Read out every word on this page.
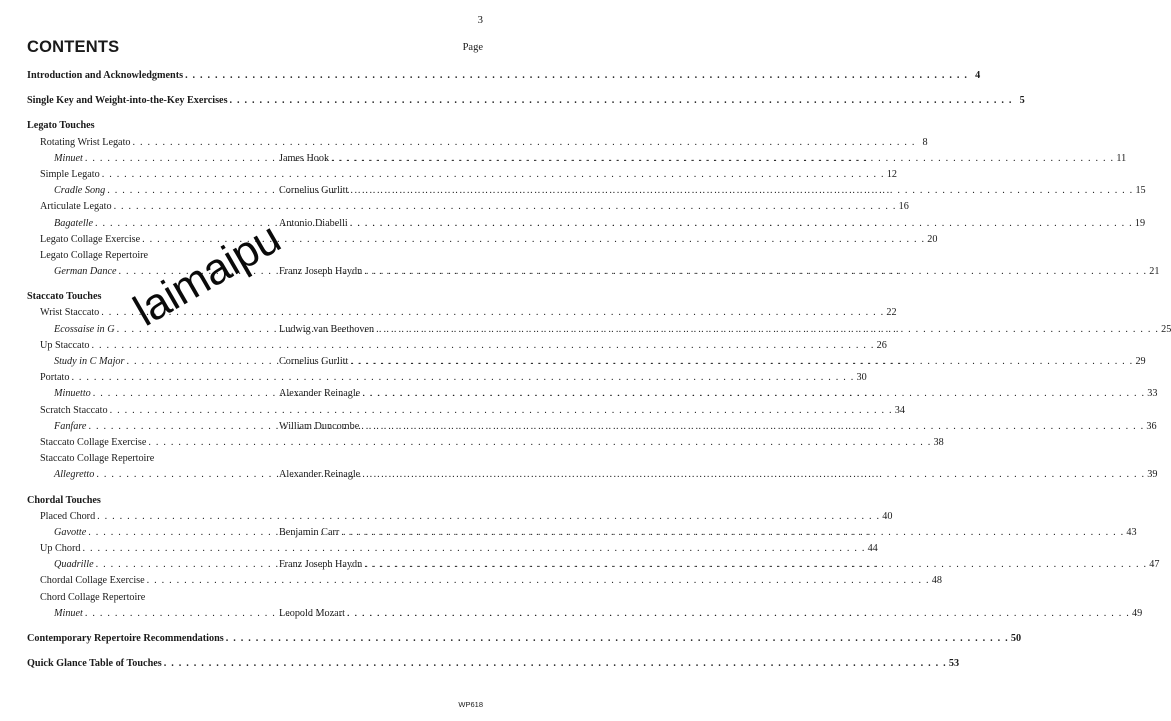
3
CONTENTS	Page
Introduction and Acknowledgments . . .	4
Single Key and Weight-into-the-Key Exercises . . .	5
Legato Touches
Rotating Wrist Legato . . .	8
Minuet . . .	James Hook . . .	11
Simple Legato . . .	12
Cradle Song . . .	Cornelius Gurlitt . . .	15
Articulate Legato . . .	16
Bagatelle . . .	Antonio Diabelli . . .	19
Legato Collage Exercise . . .	20
Legato Collage Repertoire
German Dance . . .	Franz Joseph Haydn . . .	21
Staccato Touches
Wrist Staccato . . .	22
Ecossaise in G . . .	Ludwig van Beethoven . . .	25
Up Staccato . . .	26
Study in C Major . . .	Cornelius Gurlitt . . .	29
Portato . . .	30
Minuetto . . .	Alexander Reinagle . . .	33
Scratch Staccato . . .	34
Fanfare . . .	William Duncombe . . .	36
Staccato Collage Exercise . . .	38
Staccato Collage Repertoire
Allegretto . . .	Alexander Reinagle . . .	39
Chordal Touches
Placed Chord . . .	40
Gavotte . . .	Benjamin Carr . . .	43
Up Chord . . .	44
Quadrille . . .	Franz Joseph Haydn . . .	47
Chordal Collage Exercise . . .	48
Chord Collage Repertoire
Minuet . . .	Leopold Mozart . . .	49
Contemporary Repertoire Recommendations . . .	50
Quick Glance Table of Touches . . .	53
laimaipu
WP618
